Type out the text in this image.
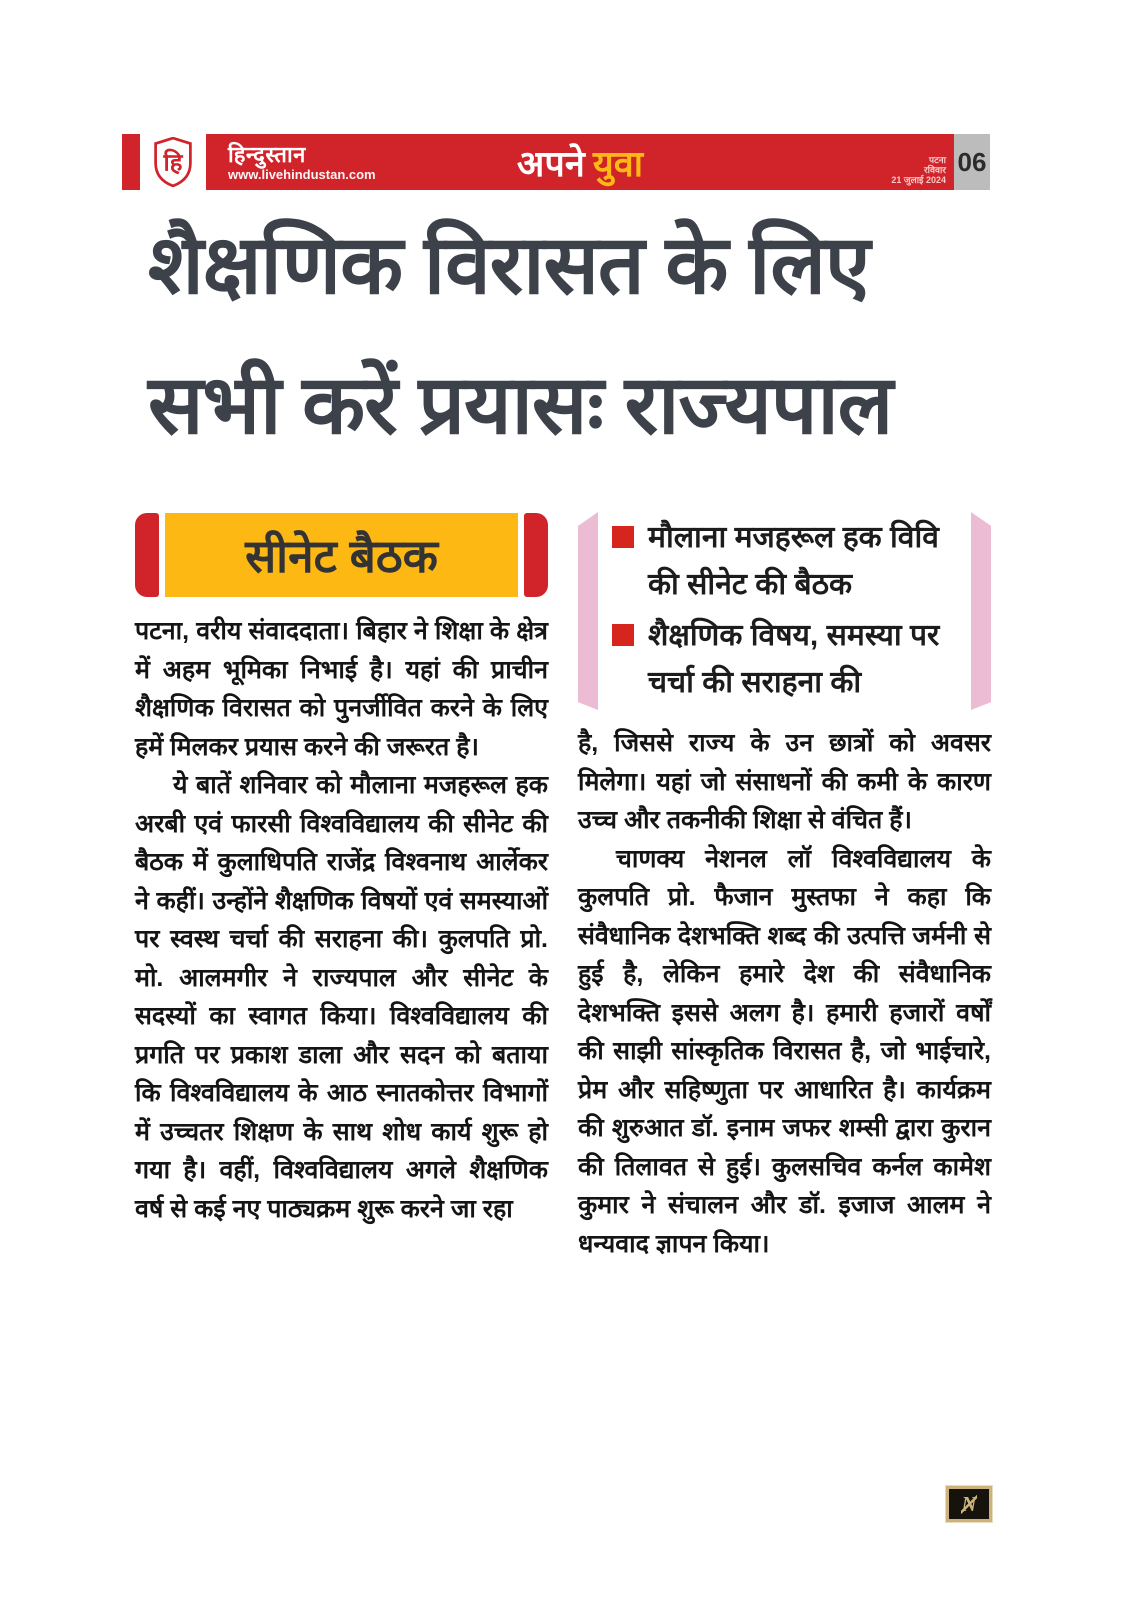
हि हिन्दुस्तान
www.livehindustan.com	अपने युवा	पटना
रविवार
21 जुलाई 2024
06
शैक्षणिक विरासत के लिए
सभी करें प्रयासः राज्यपाल
सीनेट बैठक

पटना, वरीय संवाददाता। बिहार ने शिक्षा के क्षेत्र में अहम भूमिका निभाई है। यहां की प्राचीन शैक्षणिक विरासत को पुनर्जीवित करने के लिए हमें मिलकर प्रयास करने की जरूरत है।

ये बातें शनिवार को मौलाना मजहरूल हक अरबी एवं फारसी विश्वविद्यालय की सीनेट की बैठक में कुलाधिपति राजेंद्र विश्वनाथ आर्लेकर ने कहीं। उन्होंने शैक्षणिक विषयों एवं समस्याओं पर स्वस्थ चर्चा की सराहना की। कुलपति प्रो. मो. आलमगीर ने राज्यपाल और सीनेट के सदस्यों का स्वागत किया। विश्वविद्यालय की प्रगति पर प्रकाश डाला और सदन को बताया कि विश्वविद्यालय के आठ स्नातकोत्तर विभागों में उच्चतर शिक्षण के साथ शोध कार्य शुरू हो गया है। वहीं, विश्वविद्यालय अगले शैक्षणिक वर्ष से कई नए पाठ्यक्रम शुरू करने जा रहा

मौलाना मजहरूल हक विवि की सीनेट की बैठक
शैक्षणिक विषय, समस्या पर चर्चा की सराहना की

है, जिससे राज्य के उन छात्रों को अवसर मिलेगा। यहां जो संसाधनों की कमी के कारण उच्च और तकनीकी शिक्षा से वंचित हैं।

चाणक्य नेशनल लॉ विश्वविद्यालय के कुलपति प्रो. फैजान मुस्तफा ने कहा कि संवैधानिक देशभक्ति शब्द की उत्पत्ति जर्मनी से हुई है, लेकिन हमारे देश की संवैधानिक देशभक्ति इससे अलग है। हमारी हजारों वर्षों की साझी सांस्कृतिक विरासत है, जो भाईचारे, प्रेम और सहिष्णुता पर आधारित है। कार्यक्रम की शुरुआत डॉ. इनाम जफर शम्सी द्वारा कुरान की तिलावत से हुई। कुलसचिव कर्नल कामेश कुमार ने संचालन और डॉ. इजाज आलम ने धन्यवाद ज्ञापन किया।

N
